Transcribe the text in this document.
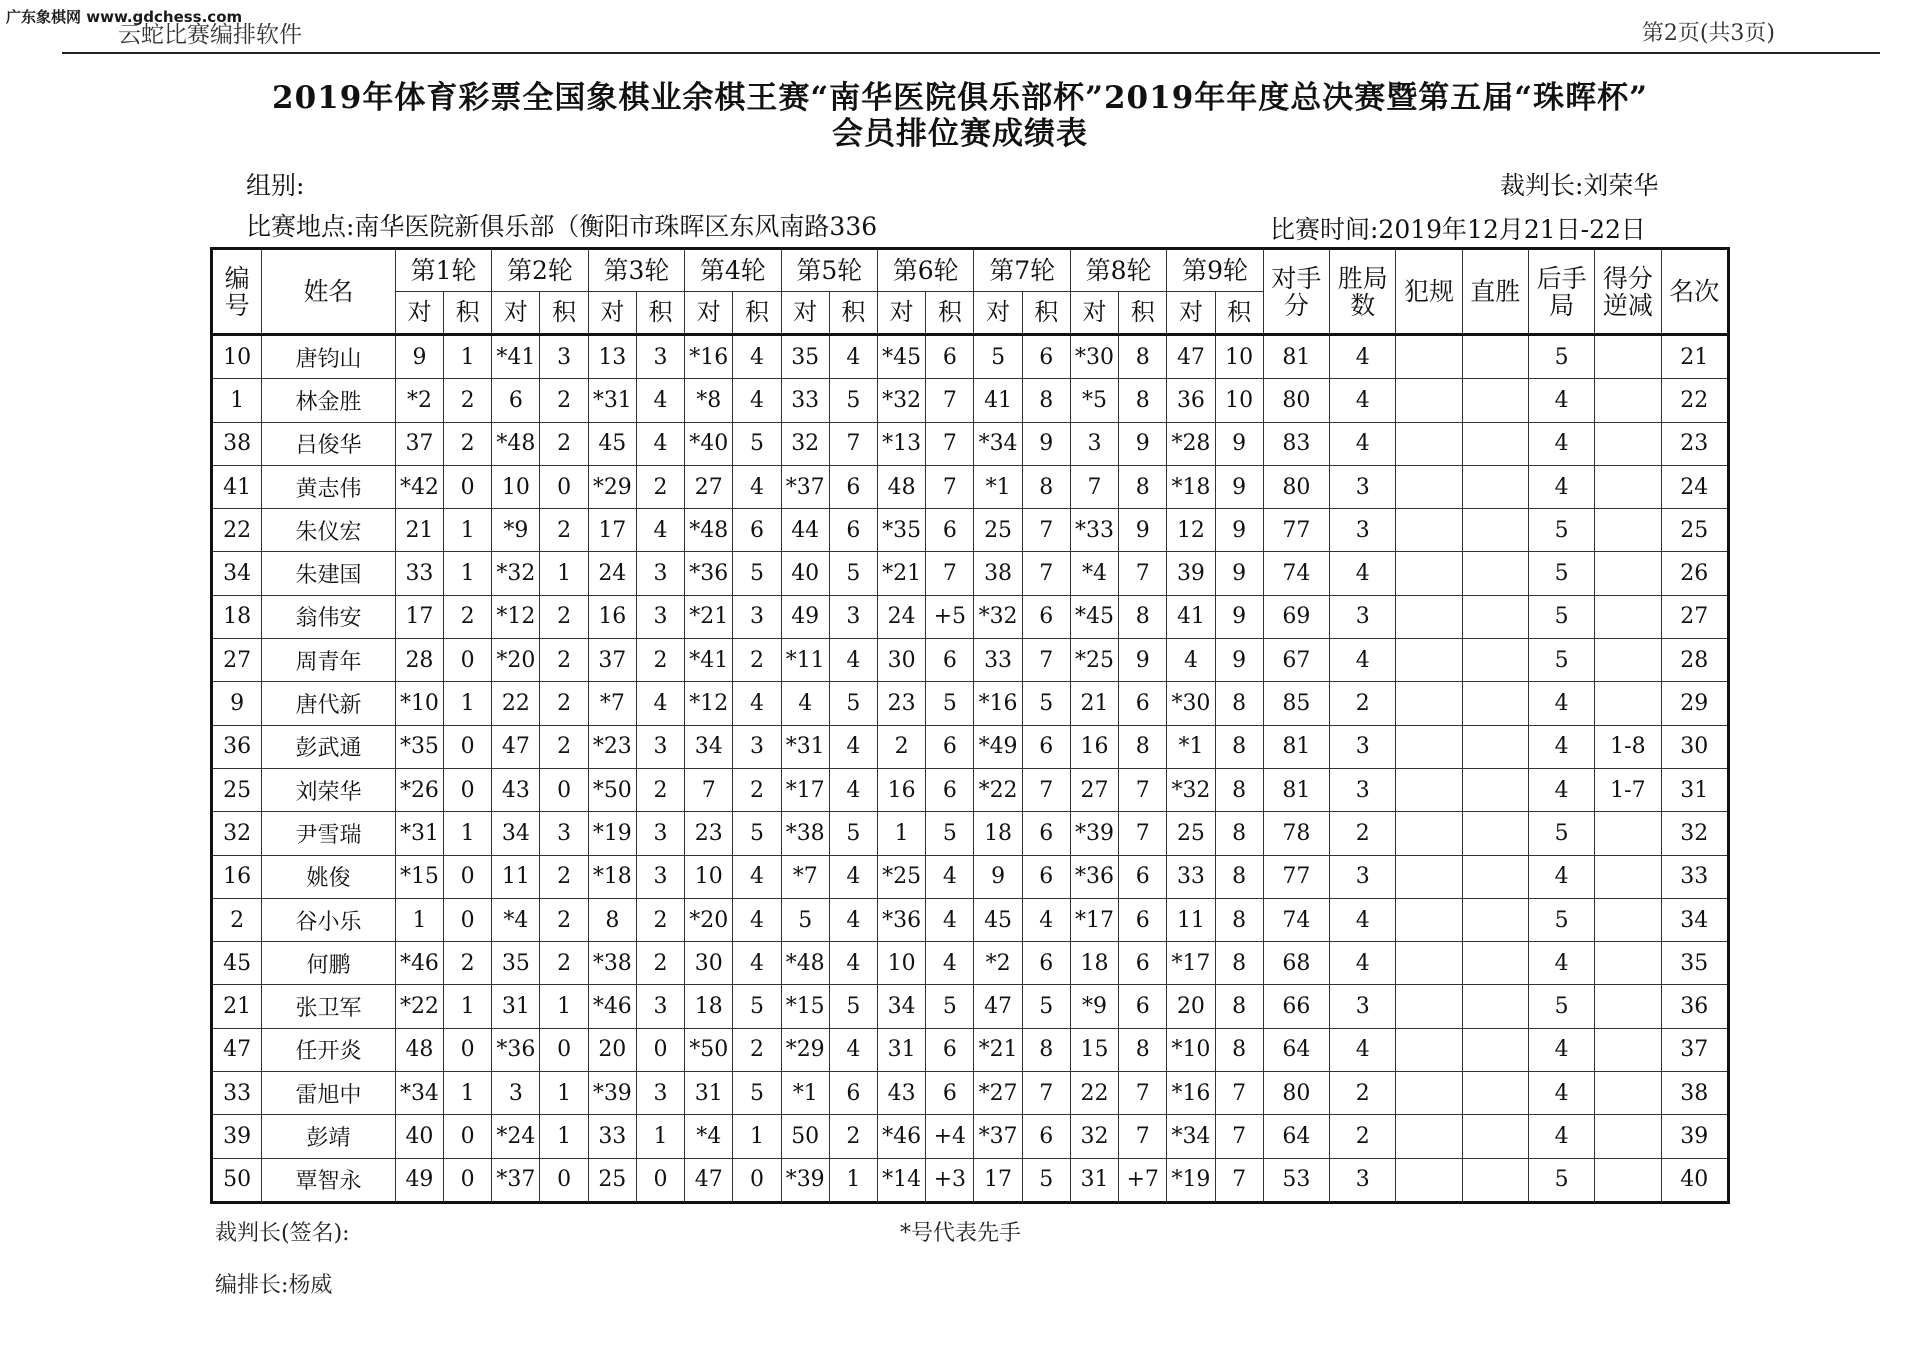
广东象棋网 www.gdchess.com
云蛇比赛编排软件	第2页(共3页)
2019年体育彩票全国象棋业余棋王赛“南华医院俱乐部杯”2019年年度总决赛暨第五届“珠晖杯”
会员排位赛成绩表
组别:	裁判长:刘荣华
比赛地点:南华医院新俱乐部（衡阳市珠晖区东风南路336	比赛时间:2019年12月21日-22日
编
号	姓名	第1轮		第2轮		第3轮		第4轮		第5轮		第6轮		第7轮		第8轮		第9轮		对手
分	胜局
数	犯规	直胜	后手
局	得分
逆减	名次
		对	积	对	积	对	积	对	积	对	积	对	积	对	积	对	积	对	积							
10	唐钧山	9	1	*41	3	13	3	*16	4	35	4	*45	6	5	6	*30	8	47	10	81	4			5		21
1	林金胜	*2	2	6	2	*31	4	*8	4	33	5	*32	7	41	8	*5	8	36	10	80	4			4		22
38	吕俊华	37	2	*48	2	45	4	*40	5	32	7	*13	7	*34	9	3	9	*28	9	83	4			4		23
41	黄志伟	*42	0	10	0	*29	2	27	4	*37	6	48	7	*1	8	7	8	*18	9	80	3			4		24
22	朱仪宏	21	1	*9	2	17	4	*48	6	44	6	*35	6	25	7	*33	9	12	9	77	3			5		25
34	朱建国	33	1	*32	1	24	3	*36	5	40	5	*21	7	38	7	*4	7	39	9	74	4			5		26
18	翁伟安	17	2	*12	2	16	3	*21	3	49	3	24	+5	*32	6	*45	8	41	9	69	3			5		27
27	周青年	28	0	*20	2	37	2	*41	2	*11	4	30	6	33	7	*25	9	4	9	67	4			5		28
9	唐代新	*10	1	22	2	*7	4	*12	4	4	5	23	5	*16	5	21	6	*30	8	85	2			4		29
36	彭武通	*35	0	47	2	*23	3	34	3	*31	4	2	6	*49	6	16	8	*1	8	81	3			4	1-8	30
25	刘荣华	*26	0	43	0	*50	2	7	2	*17	4	16	6	*22	7	27	7	*32	8	81	3			4	1-7	31
32	尹雪瑞	*31	1	34	3	*19	3	23	5	*38	5	1	5	18	6	*39	7	25	8	78	2			5		32
16	姚俊	*15	0	11	2	*18	3	10	4	*7	4	*25	4	9	6	*36	6	33	8	77	3			4		33
2	谷小乐	1	0	*4	2	8	2	*20	4	5	4	*36	4	45	4	*17	6	11	8	74	4			5		34
45	何鹏	*46	2	35	2	*38	2	30	4	*48	4	10	4	*2	6	18	6	*17	8	68	4			4		35
21	张卫军	*22	1	31	1	*46	3	18	5	*15	5	34	5	47	5	*9	6	20	8	66	3			5		36
47	任开炎	48	0	*36	0	20	0	*50	2	*29	4	31	6	*21	8	15	8	*10	8	64	4			4		37
33	雷旭中	*34	1	3	1	*39	3	31	5	*1	6	43	6	*27	7	22	7	*16	7	80	2			4		38
39	彭靖	40	0	*24	1	33	1	*4	1	50	2	*46	+4	*37	6	32	7	*34	7	64	2			4		39
50	覃智永	49	0	*37	0	25	0	47	0	*39	1	*14	+3	17	5	31	+7	*19	7	53	3			5		40
裁判长(签名):	*号代表先手
编排长:杨威
